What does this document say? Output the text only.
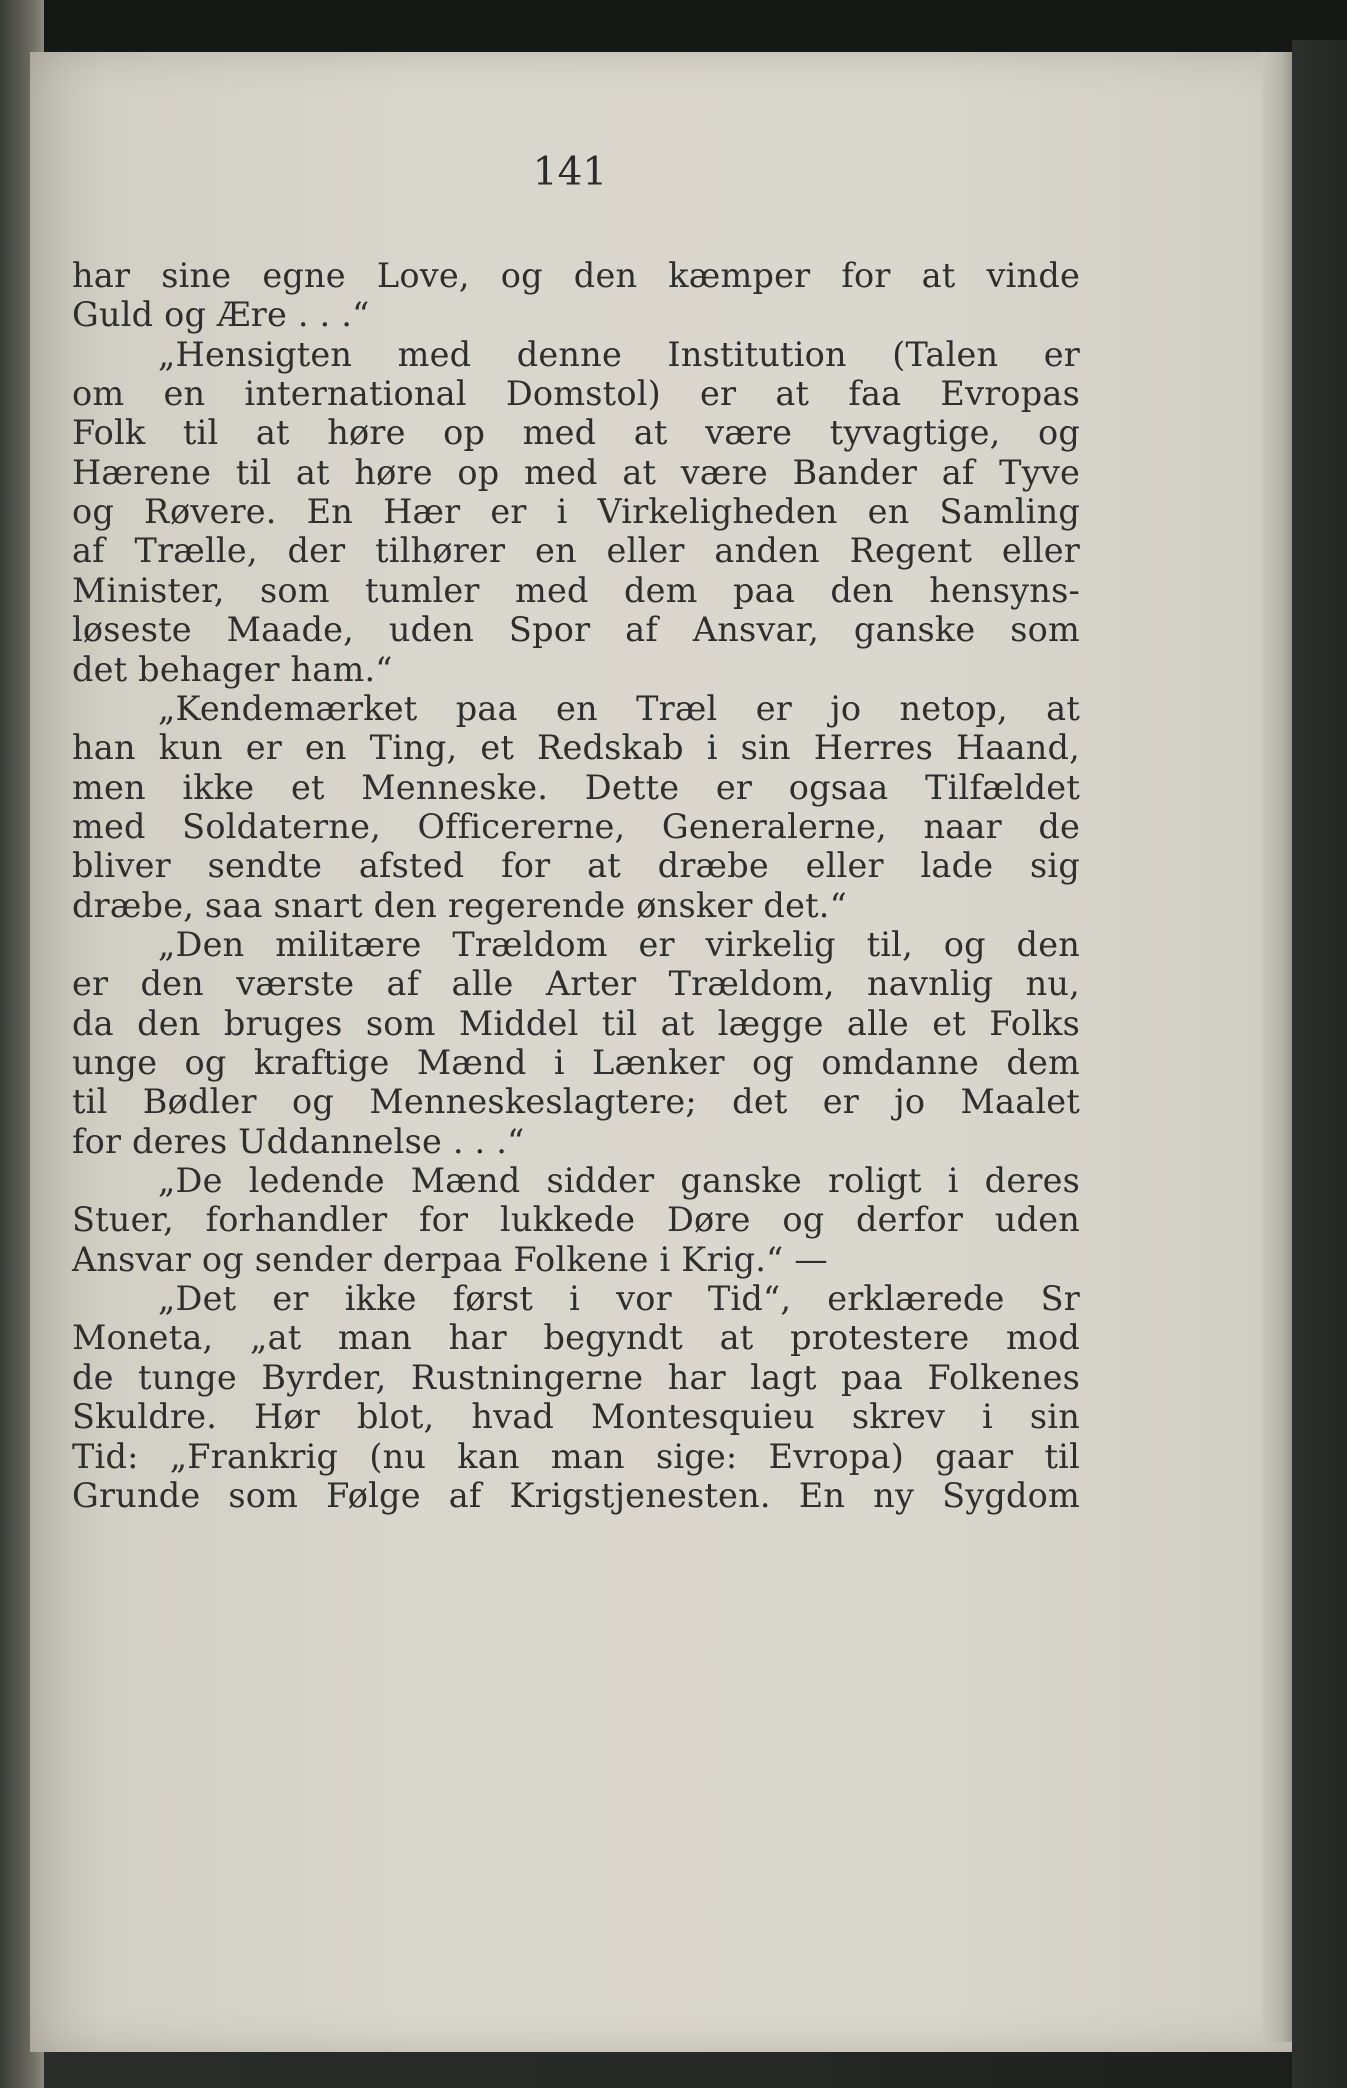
141
har sine egne Love, og den kæmper for at vinde
Guld og Ære . . .“
„Hensigten med denne Institution (Talen er
om en international Domstol) er at faa Evropas
Folk til at høre op med at være tyvagtige, og
Hærene til at høre op med at være Bander af Tyve
og Røvere. En Hær er i Virkeligheden en Samling
af Trælle, der tilhører en eller anden Regent eller
Minister, som tumler med dem paa den hensyns-
løseste Maade, uden Spor af Ansvar, ganske som
det behager ham.“
„Kendemærket paa en Træl er jo netop, at
han kun er en Ting, et Redskab i sin Herres Haand,
men ikke et Menneske. Dette er ogsaa Tilfældet
med Soldaterne, Officererne, Generalerne, naar de
bliver sendte afsted for at dræbe eller lade sig
dræbe, saa snart den regerende ønsker det.“
„Den militære Trældom er virkelig til, og den
er den værste af alle Arter Trældom, navnlig nu,
da den bruges som Middel til at lægge alle et Folks
unge og kraftige Mænd i Lænker og omdanne dem
til Bødler og Menneskeslagtere; det er jo Maalet
for deres Uddannelse . . .“
„De ledende Mænd sidder ganske roligt i deres
Stuer, forhandler for lukkede Døre og derfor uden
Ansvar og sender derpaa Folkene i Krig.“ —
„Det er ikke først i vor Tid“, erklærede Sr
Moneta, „at man har begyndt at protestere mod
de tunge Byrder, Rustningerne har lagt paa Folkenes
Skuldre. Hør blot, hvad Montesquieu skrev i sin
Tid: „Frankrig (nu kan man sige: Evropa) gaar til
Grunde som Følge af Krigstjenesten. En ny Sygdom
